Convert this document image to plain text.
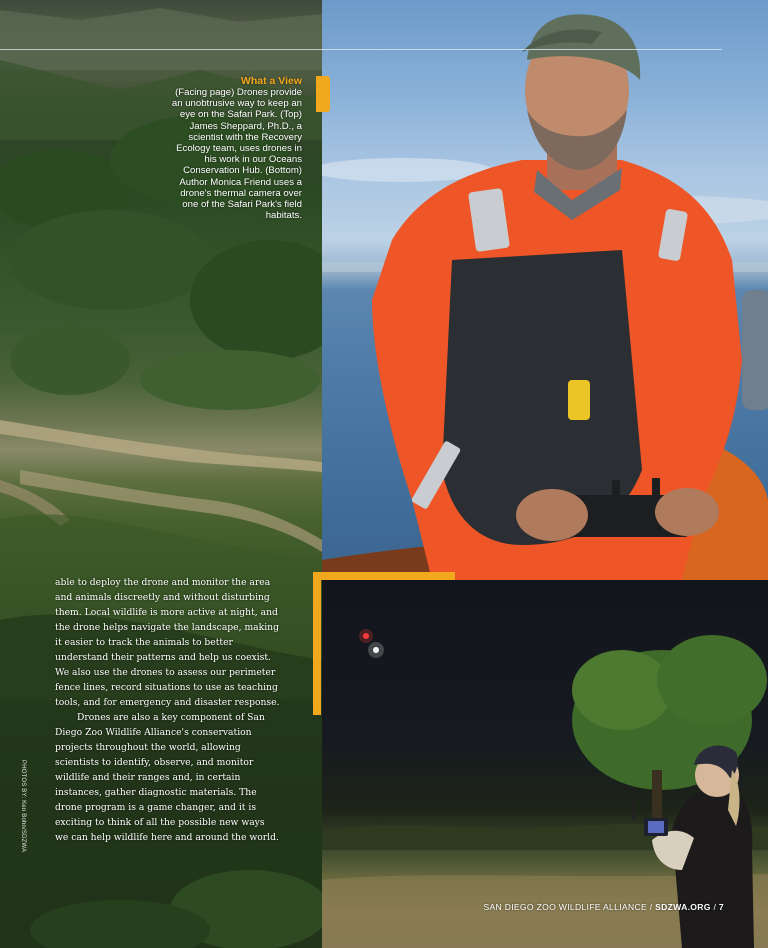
What a View
(Facing page) Drones provide an unobtrusive way to keep an eye on the Safari Park. (Top) James Sheppard, Ph.D., a scientist with the Recovery Ecology team, uses drones in his work in our Oceans Conservation Hub. (Bottom) Author Monica Friend uses a drone's thermal camera over one of the Safari Park's field habitats.

able to deploy the drone and monitor the area and animals discreetly and without disturbing them. Local wildlife is more active at night, and the drone helps navigate the landscape, making it easier to track the animals to better understand their patterns and help us coexist. We also use the drones to assess our perimeter fence lines, record situations to use as teaching tools, and for emergency and disaster response.

Drones are also a key component of San Diego Zoo Wildlife Alliance's conservation projects throughout the world, allowing scientists to identify, observe, and monitor wildlife and their ranges and, in certain instances, gather diagnostic materials. The drone program is a game changer, and it is exciting to think of all the possible new ways we can help wildlife here and around the world.

PHOTOS BY: Ken Bohn/SDZWA
SAN DIEGO ZOO WILDLIFE ALLIANCE / SDZWA.ORG / 7
